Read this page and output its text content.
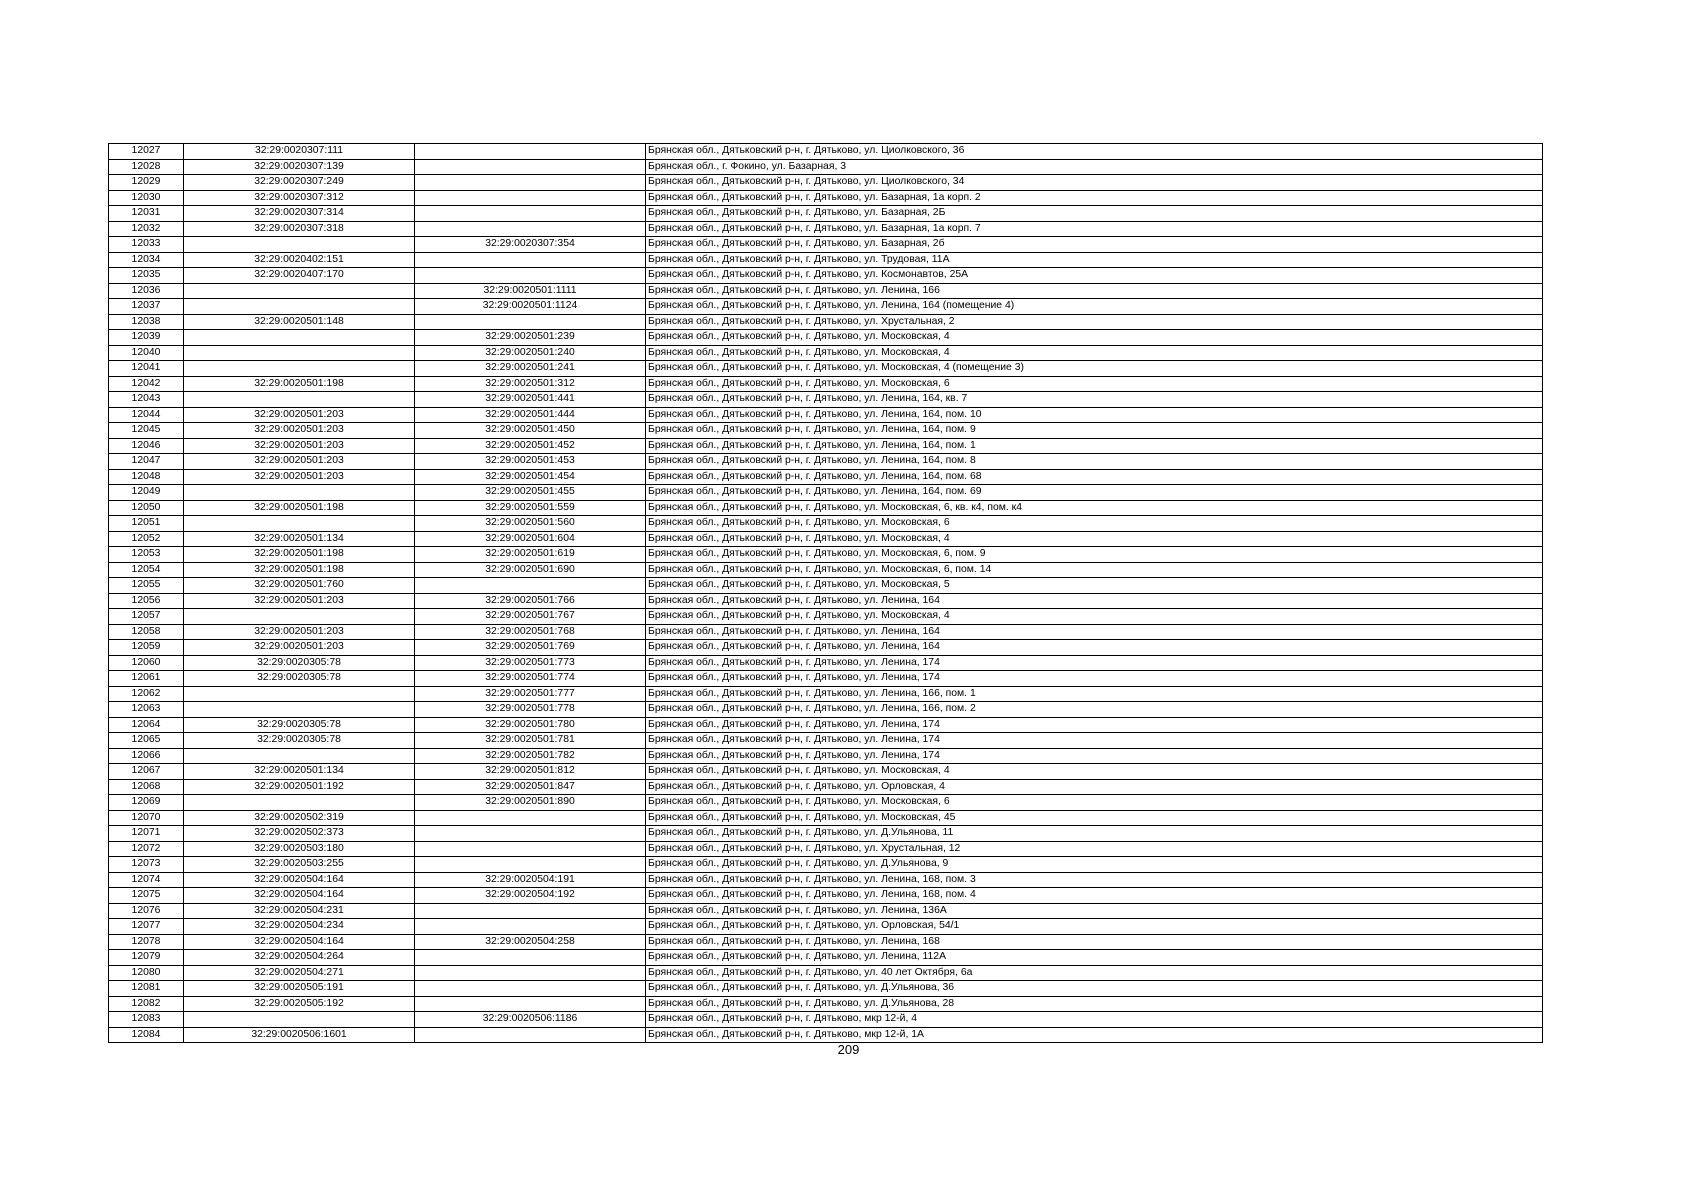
12027	32:29:0020307:111		Брянская обл., Дятьковский р-н, г. Дятьково, ул. Циолковского, 36
12028	32:29:0020307:139		Брянская обл., г. Фокино, ул. Базарная, 3
12029	32:29:0020307:249		Брянская обл., Дятьковский р-н, г. Дятьково, ул. Циолковского, 34
12030	32:29:0020307:312		Брянская обл., Дятьковский р-н, г. Дятьково, ул. Базарная, 1а корп. 2
12031	32:29:0020307:314		Брянская обл., Дятьковский р-н, г. Дятьково, ул. Базарная, 2Б
12032	32:29:0020307:318		Брянская обл., Дятьковский р-н, г. Дятьково, ул. Базарная, 1а корп. 7
12033		32:29:0020307:354	Брянская обл., Дятьковский р-н, г. Дятьково, ул. Базарная, 2б
12034	32:29:0020402:151		Брянская обл., Дятьковский р-н, г. Дятьково, ул. Трудовая, 11А
12035	32:29:0020407:170		Брянская обл., Дятьковский р-н, г. Дятьково, ул. Космонавтов, 25А
12036		32:29:0020501:1111	Брянская обл., Дятьковский р-н, г. Дятьково, ул. Ленина, 166
12037		32:29:0020501:1124	Брянская обл., Дятьковский р-н, г. Дятьково, ул. Ленина, 164 (помещение 4)
12038	32:29:0020501:148		Брянская обл., Дятьковский р-н, г. Дятьково, ул. Хрустальная, 2
12039		32:29:0020501:239	Брянская обл., Дятьковский р-н, г. Дятьково, ул. Московская, 4
12040		32:29:0020501:240	Брянская обл., Дятьковский р-н, г. Дятьково, ул. Московская, 4
12041		32:29:0020501:241	Брянская обл., Дятьковский р-н, г. Дятьково, ул. Московская, 4 (помещение 3)
12042	32:29:0020501:198	32:29:0020501:312	Брянская обл., Дятьковский р-н, г. Дятьково, ул. Московская, 6
12043		32:29:0020501:441	Брянская обл., Дятьковский р-н, г. Дятьково, ул. Ленина, 164, кв. 7
12044	32:29:0020501:203	32:29:0020501:444	Брянская обл., Дятьковский р-н, г. Дятьково, ул. Ленина, 164, пом. 10
12045	32:29:0020501:203	32:29:0020501:450	Брянская обл., Дятьковский р-н, г. Дятьково, ул. Ленина, 164, пом. 9
12046	32:29:0020501:203	32:29:0020501:452	Брянская обл., Дятьковский р-н, г. Дятьково, ул. Ленина, 164, пом. 1
12047	32:29:0020501:203	32:29:0020501:453	Брянская обл., Дятьковский р-н, г. Дятьково, ул. Ленина, 164, пом. 8
12048	32:29:0020501:203	32:29:0020501:454	Брянская обл., Дятьковский р-н, г. Дятьково, ул. Ленина, 164, пом. 68
12049		32:29:0020501:455	Брянская обл., Дятьковский р-н, г. Дятьково, ул. Ленина, 164, пом. 69
12050	32:29:0020501:198	32:29:0020501:559	Брянская обл., Дятьковский р-н, г. Дятьково, ул. Московская, 6, кв. к4, пом. к4
12051		32:29:0020501:560	Брянская обл., Дятьковский р-н, г. Дятьково, ул. Московская, 6
12052	32:29:0020501:134	32:29:0020501:604	Брянская обл., Дятьковский р-н, г. Дятьково, ул. Московская, 4
12053	32:29:0020501:198	32:29:0020501:619	Брянская обл., Дятьковский р-н, г. Дятьково, ул. Московская, 6, пом. 9
12054	32:29:0020501:198	32:29:0020501:690	Брянская обл., Дятьковский р-н, г. Дятьково, ул. Московская, 6, пом. 14
12055	32:29:0020501:760		Брянская обл., Дятьковский р-н, г. Дятьково, ул. Московская, 5
12056	32:29:0020501:203	32:29:0020501:766	Брянская обл., Дятьковский р-н, г. Дятьково, ул. Ленина, 164
12057		32:29:0020501:767	Брянская обл., Дятьковский р-н, г. Дятьково, ул. Московская, 4
12058	32:29:0020501:203	32:29:0020501:768	Брянская обл., Дятьковский р-н, г. Дятьково, ул. Ленина, 164
12059	32:29:0020501:203	32:29:0020501:769	Брянская обл., Дятьковский р-н, г. Дятьково, ул. Ленина, 164
12060	32:29:0020305:78	32:29:0020501:773	Брянская обл., Дятьковский р-н, г. Дятьково, ул. Ленина, 174
12061	32:29:0020305:78	32:29:0020501:774	Брянская обл., Дятьковский р-н, г. Дятьково, ул. Ленина, 174
12062		32:29:0020501:777	Брянская обл., Дятьковский р-н, г. Дятьково, ул. Ленина, 166, пом. 1
12063		32:29:0020501:778	Брянская обл., Дятьковский р-н, г. Дятьково, ул. Ленина, 166, пом. 2
12064	32:29:0020305:78	32:29:0020501:780	Брянская обл., Дятьковский р-н, г. Дятьково, ул. Ленина, 174
12065	32:29:0020305:78	32:29:0020501:781	Брянская обл., Дятьковский р-н, г. Дятьково, ул. Ленина, 174
12066		32:29:0020501:782	Брянская обл., Дятьковский р-н, г. Дятьково, ул. Ленина, 174
12067	32:29:0020501:134	32:29:0020501:812	Брянская обл., Дятьковский р-н, г. Дятьково, ул. Московская, 4
12068	32:29:0020501:192	32:29:0020501:847	Брянская обл., Дятьковский р-н, г. Дятьково, ул. Орловская, 4
12069		32:29:0020501:890	Брянская обл., Дятьковский р-н, г. Дятьково, ул. Московская, 6
12070	32:29:0020502:319		Брянская обл., Дятьковский р-н, г. Дятьково, ул. Московская, 45
12071	32:29:0020502:373		Брянская обл., Дятьковский р-н, г. Дятьково, ул. Д.Ульянова, 11
12072	32:29:0020503:180		Брянская обл., Дятьковский р-н, г. Дятьково, ул. Хрустальная, 12
12073	32:29:0020503:255		Брянская обл., Дятьковский р-н, г. Дятьково, ул. Д.Ульянова, 9
12074	32:29:0020504:164	32:29:0020504:191	Брянская обл., Дятьковский р-н, г. Дятьково, ул. Ленина, 168, пом. 3
12075	32:29:0020504:164	32:29:0020504:192	Брянская обл., Дятьковский р-н, г. Дятьково, ул. Ленина, 168, пом. 4
12076	32:29:0020504:231		Брянская обл., Дятьковский р-н, г. Дятьково, ул. Ленина, 136А
12077	32:29:0020504:234		Брянская обл., Дятьковский р-н, г. Дятьково, ул. Орловская, 54/1
12078	32:29:0020504:164	32:29:0020504:258	Брянская обл., Дятьковский р-н, г. Дятьково, ул. Ленина, 168
12079	32:29:0020504:264		Брянская обл., Дятьковский р-н, г. Дятьково, ул. Ленина, 112А
12080	32:29:0020504:271		Брянская обл., Дятьковский р-н, г. Дятьково, ул. 40 лет Октября, 6а
12081	32:29:0020505:191		Брянская обл., Дятьковский р-н, г. Дятьково, ул. Д.Ульянова, 36
12082	32:29:0020505:192		Брянская обл., Дятьковский р-н, г. Дятьково, ул. Д.Ульянова, 28
12083		32:29:0020506:1186	Брянская обл., Дятьковский р-н, г. Дятьково, мкр 12-й, 4
12084	32:29:0020506:1601		Брянская обл., Дятьковский р-н, г. Дятьково, мкр 12-й, 1А
209
